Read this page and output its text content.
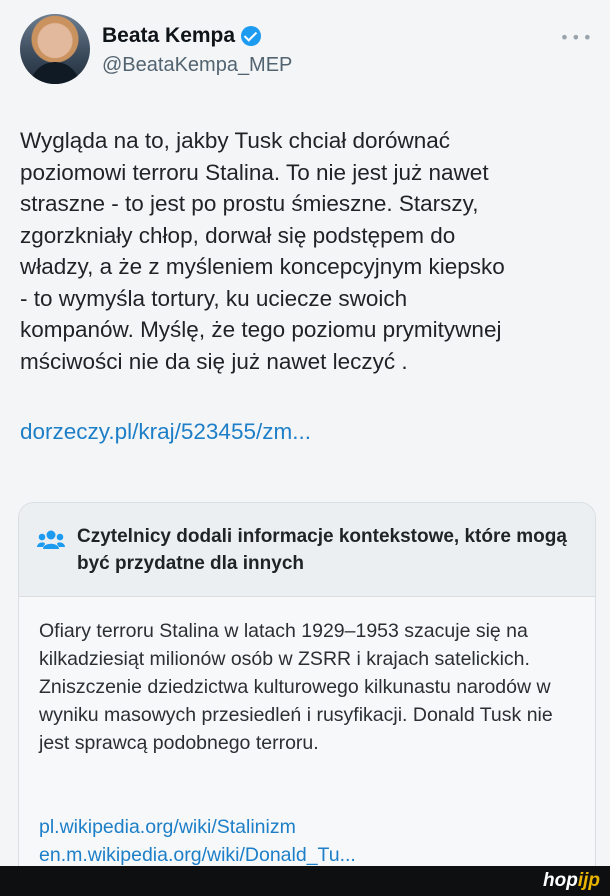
Beata Kempa
@BeataKempa_MEP
•••
Wygląda na to, jakby Tusk chciał dorównać
poziomowi terroru Stalina. To nie jest już nawet
straszne - to jest po prostu śmieszne. Starszy,
zgorzkniały chłop, dorwał się podstępem do
władzy, a że z myśleniem koncepcyjnym kiepsko
- to wymyśla tortury, ku uciecze swoich
kompanów. Myślę, że tego poziomu prymitywnej
mściwości nie da się już nawet leczyć .
dorzeczy.pl/kraj/523455/zm...
Czytelnicy dodali informacje kontekstowe, które mogą być przydatne dla innych
Ofiary terroru Stalina w latach 1929–1953 szacuje się na kilkadziesiąt milionów osób w ZSRR i krajach satelickich. Zniszczenie dziedzictwa kulturowego kilkunastu narodów w wyniku masowych przesiedleń i rusyfikacji. Donald Tusk nie jest sprawcą podobnego terroru.
pl.wikipedia.org/wiki/Stalinizm
en.m.wikipedia.org/wiki/Donald_Tu...
hopijp
